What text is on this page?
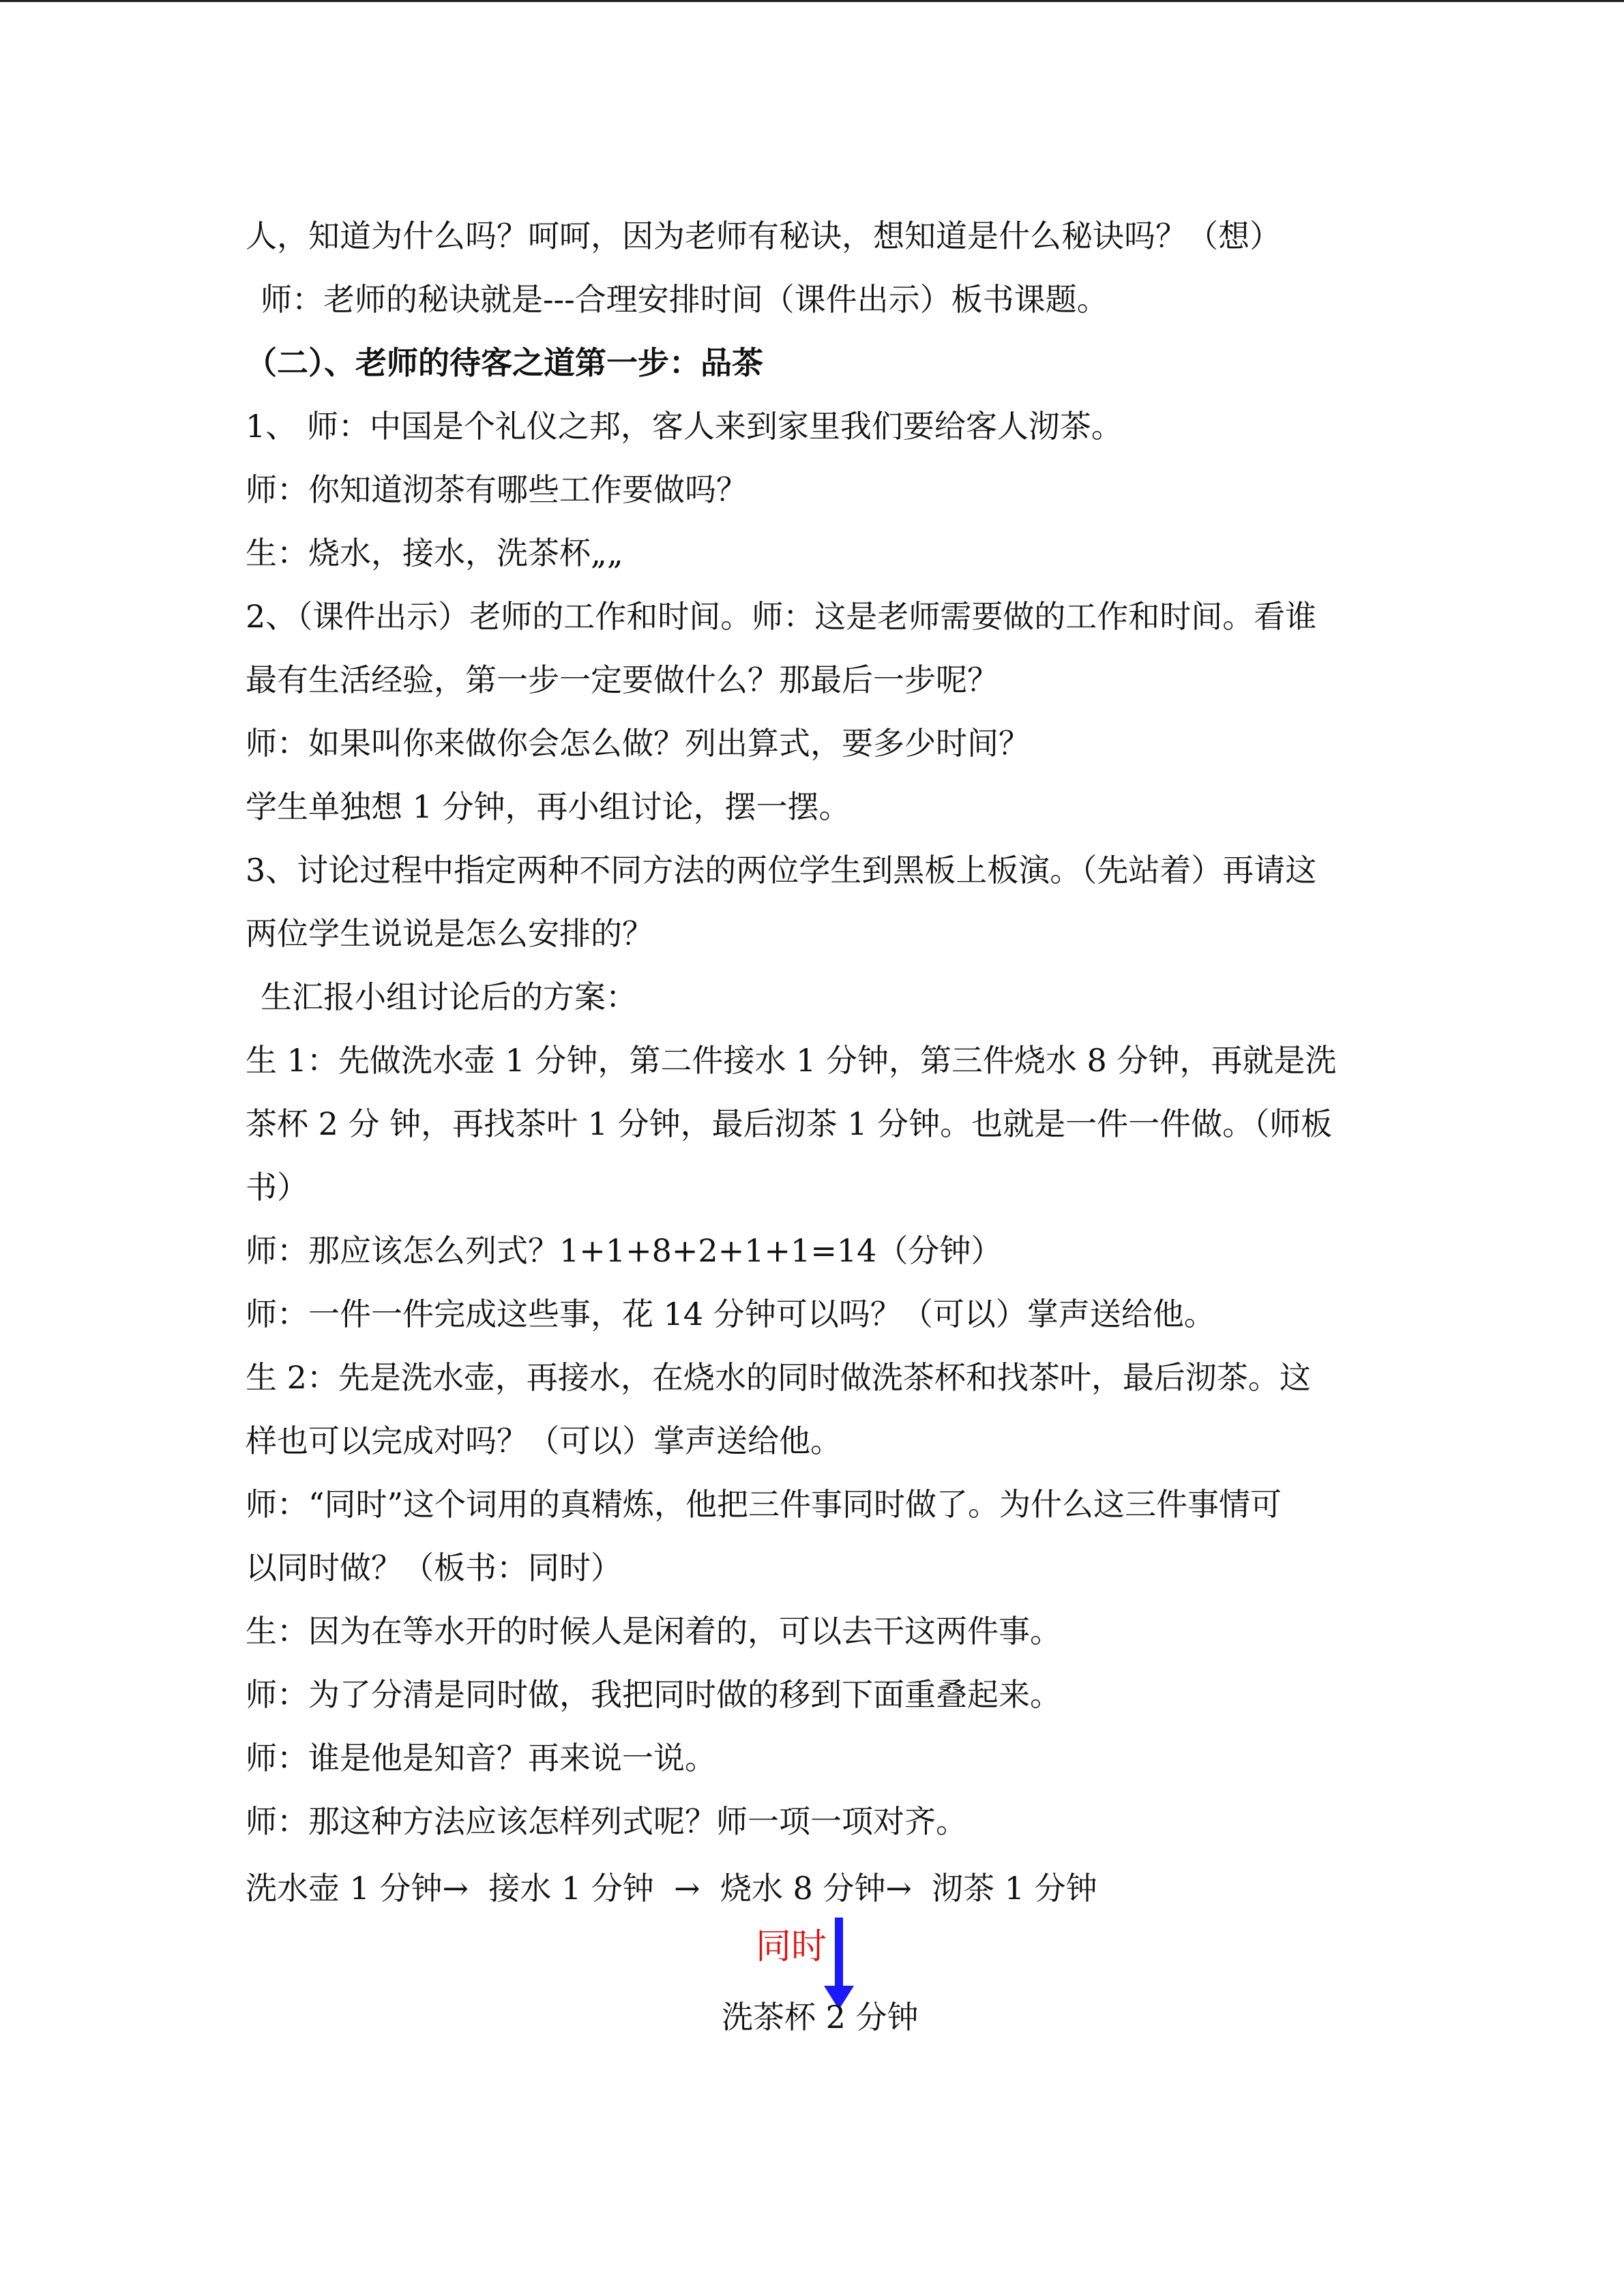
人，知道为什么吗？呵呵，因为老师有秘诀，想知道是什么秘诀吗？（想）
师：老师的秘诀就是---合理安排时间（课件出示）板书课题。
（二）、老师的待客之道第一步：品茶
1、 师：中国是个礼仪之邦，客人来到家里我们要给客人沏茶。
师：你知道沏茶有哪些工作要做吗？
生：烧水，接水，洗茶杯„„
2、（课件出示）老师的工作和时间。师：这是老师需要做的工作和时间。看谁
最有生活经验，第一步一定要做什么？那最后一步呢？
师：如果叫你来做你会怎么做？列出算式，要多少时间？
学生单独想 1 分钟，再小组讨论，摆一摆。
3、讨论过程中指定两种不同方法的两位学生到黑板上板演。（先站着）再请这
两位学生说说是怎么安排的？
生汇报小组讨论后的方案：
生 1：先做洗水壶 1 分钟，第二件接水 1 分钟，第三件烧水 8 分钟，再就是洗
茶杯 2 分 钟，再找茶叶 1 分钟，最后沏茶 1 分钟。也就是一件一件做。（师板
书）
师：那应该怎么列式？1+1+8+2+1+1=14（分钟）
师：一件一件完成这些事，花 14 分钟可以吗？（可以）掌声送给他。
生 2：先是洗水壶，再接水，在烧水的同时做洗茶杯和找茶叶，最后沏茶。这
样也可以完成对吗？（可以）掌声送给他。
师：“同时”这个词用的真精炼，他把三件事同时做了。为什么这三件事情可
以同时做？（板书：同时）
生：因为在等水开的时候人是闲着的，可以去干这两件事。
师：为了分清是同时做，我把同时做的移到下面重叠起来。
师：谁是他是知音？再来说一说。
师：那这种方法应该怎样列式呢？师一项一项对齐。
洗水壶 1 分钟→  接水 1 分钟  →  烧水 8 分钟→  沏茶 1 分钟
同时
洗茶杯 2 分钟
